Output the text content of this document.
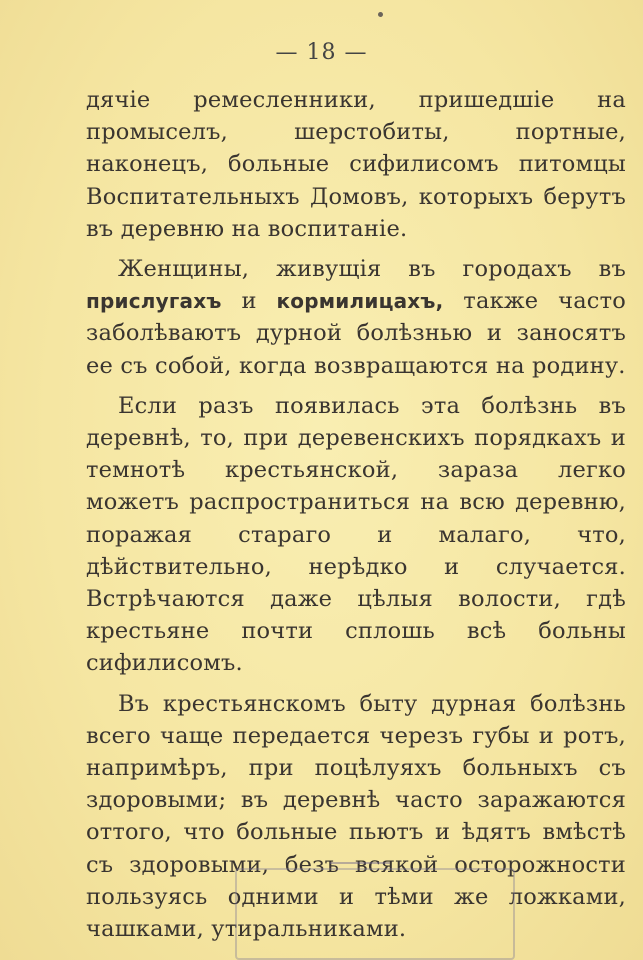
— 18 —

дячіе ремесленники, пришедшіе на промыселъ, шерстобиты, портные, наконецъ, больные сифилисомъ питомцы Воспитательныхъ Домовъ, которыхъ берутъ въ деревню на воспитаніе.

Женщины, живущія въ городахъ въ прислугахъ и кормилицахъ, также часто заболѣваютъ дурной болѣзнью и заносятъ ее съ собой, когда возвращаются на родину.

Если разъ появилась эта болѣзнь въ деревнѣ, то, при деревенскихъ порядкахъ и темнотѣ крестьянской, зараза легко можетъ распространиться на всю деревню, поражая стараго и малаго, что, дѣйствительно, нерѣдко и случается. Встрѣчаются даже цѣлыя волости, гдѣ крестьяне почти сплошь всѣ больны сифилисомъ.

Въ крестьянскомъ быту дурная болѣзнь всего чаще передается черезъ губы и ротъ, напримѣръ, при поцѣлуяхъ больныхъ съ здоровыми; въ деревнѣ часто заражаются оттого, что больные пьютъ и ѣдятъ вмѣстѣ съ здоровыми, безъ всякой осторожности пользуясь одними и тѣми же ложками, чашками, утиральниками.
